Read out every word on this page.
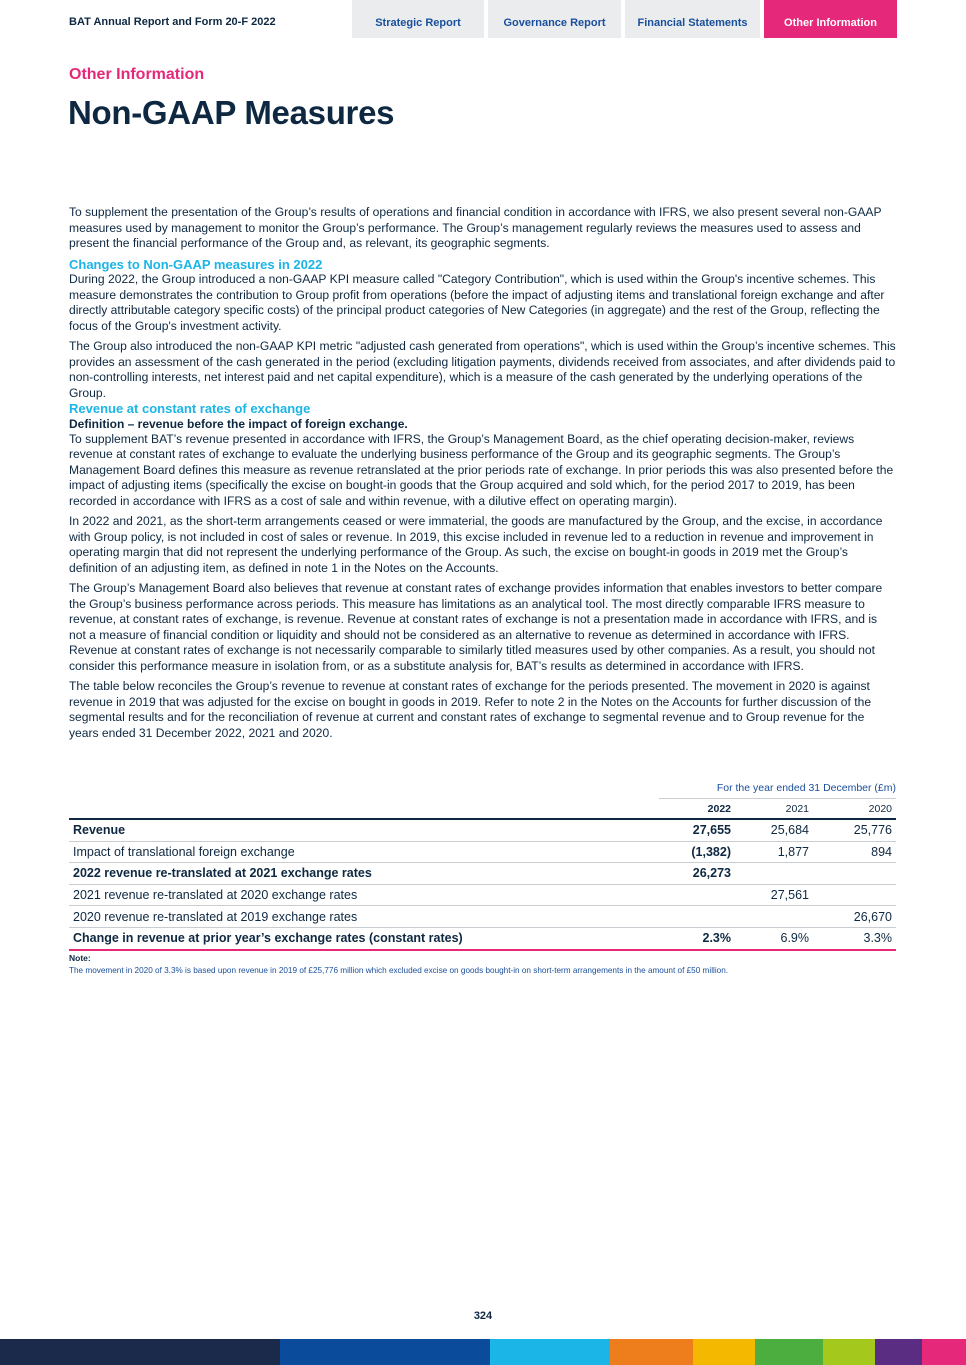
BAT Annual Report and Form 20-F 2022	Strategic Report	Governance Report	Financial Statements	Other Information
Other Information
Non-GAAP Measures

To supplement the presentation of the Group’s results of operations and financial condition in accordance with IFRS, we also present several non-GAAP measures used by management to monitor the Group’s performance. The Group’s management regularly reviews the measures used to assess and present the financial performance of the Group and, as relevant, its geographic segments.

Changes to Non-GAAP measures in 2022

During 2022, the Group introduced a non-GAAP KPI measure called "Category Contribution", which is used within the Group's incentive schemes. This measure demonstrates the contribution to Group profit from operations (before the impact of adjusting items and translational foreign exchange and after directly attributable category specific costs) of the principal product categories of New Categories (in aggregate) and the rest of the Group, reflecting the focus of the Group's investment activity.

The Group also introduced the non-GAAP KPI metric "adjusted cash generated from operations", which is used within the Group’s incentive schemes. This provides an assessment of the cash generated in the period (excluding litigation payments, dividends received from associates, and after dividends paid to non-controlling interests, net interest paid and net capital expenditure), which is a measure of the cash generated by the underlying operations of the Group.

Revenue at constant rates of exchange
Definition – revenue before the impact of foreign exchange.

To supplement BAT’s revenue presented in accordance with IFRS, the Group’s Management Board, as the chief operating decision-maker, reviews revenue at constant rates of exchange to evaluate the underlying business performance of the Group and its geographic segments. The Group’s Management Board defines this measure as revenue retranslated at the prior periods rate of exchange. In prior periods this was also presented before the impact of adjusting items (specifically the excise on bought-in goods that the Group acquired and sold which, for the period 2017 to 2019, has been recorded in accordance with IFRS as a cost of sale and within revenue, with a dilutive effect on operating margin).

In 2022 and 2021, as the short-term arrangements ceased or were immaterial, the goods are manufactured by the Group, and the excise, in accordance with Group policy, is not included in cost of sales or revenue. In 2019, this excise included in revenue led to a reduction in revenue and improvement in operating margin that did not represent the underlying performance of the Group. As such, the excise on bought-in goods in 2019 met the Group’s definition of an adjusting item, as defined in note 1 in the Notes on the Accounts.

The Group’s Management Board also believes that revenue at constant rates of exchange provides information that enables investors to better compare the Group’s business performance across periods. This measure has limitations as an analytical tool. The most directly comparable IFRS measure to revenue, at constant rates of exchange, is revenue. Revenue at constant rates of exchange is not a presentation made in accordance with IFRS, and is not a measure of financial condition or liquidity and should not be considered as an alternative to revenue as determined in accordance with IFRS. Revenue at constant rates of exchange is not necessarily comparable to similarly titled measures used by other companies. As a result, you should not consider this performance measure in isolation from, or as a substitute analysis for, BAT’s results as determined in accordance with IFRS.

The table below reconciles the Group’s revenue to revenue at constant rates of exchange for the periods presented. The movement in 2020 is against revenue in 2019 that was adjusted for the excise on bought in goods in 2019. Refer to note 2 in the Notes on the Accounts for further discussion of the segmental results and for the reconciliation of revenue at current and constant rates of exchange to segmental revenue and to Group revenue for the years ended 31 December 2022, 2021 and 2020.

For the year ended 31 December (£m)
	2022	2021	2020
Revenue	27,655	25,684	25,776
Impact of translational foreign exchange	(1,382)	1,877	894
2022 revenue re-translated at 2021 exchange rates	26,273		
2021 revenue re-translated at 2020 exchange rates		27,561	
2020 revenue re-translated at 2019 exchange rates			26,670
Change in revenue at prior year’s exchange rates (constant rates)	2.3%	6.9%	3.3%
Note:
The movement in 2020 of 3.3% is based upon revenue in 2019 of £25,776 million which excluded excise on goods bought-in on short-term arrangements in the amount of £50 million.
324
